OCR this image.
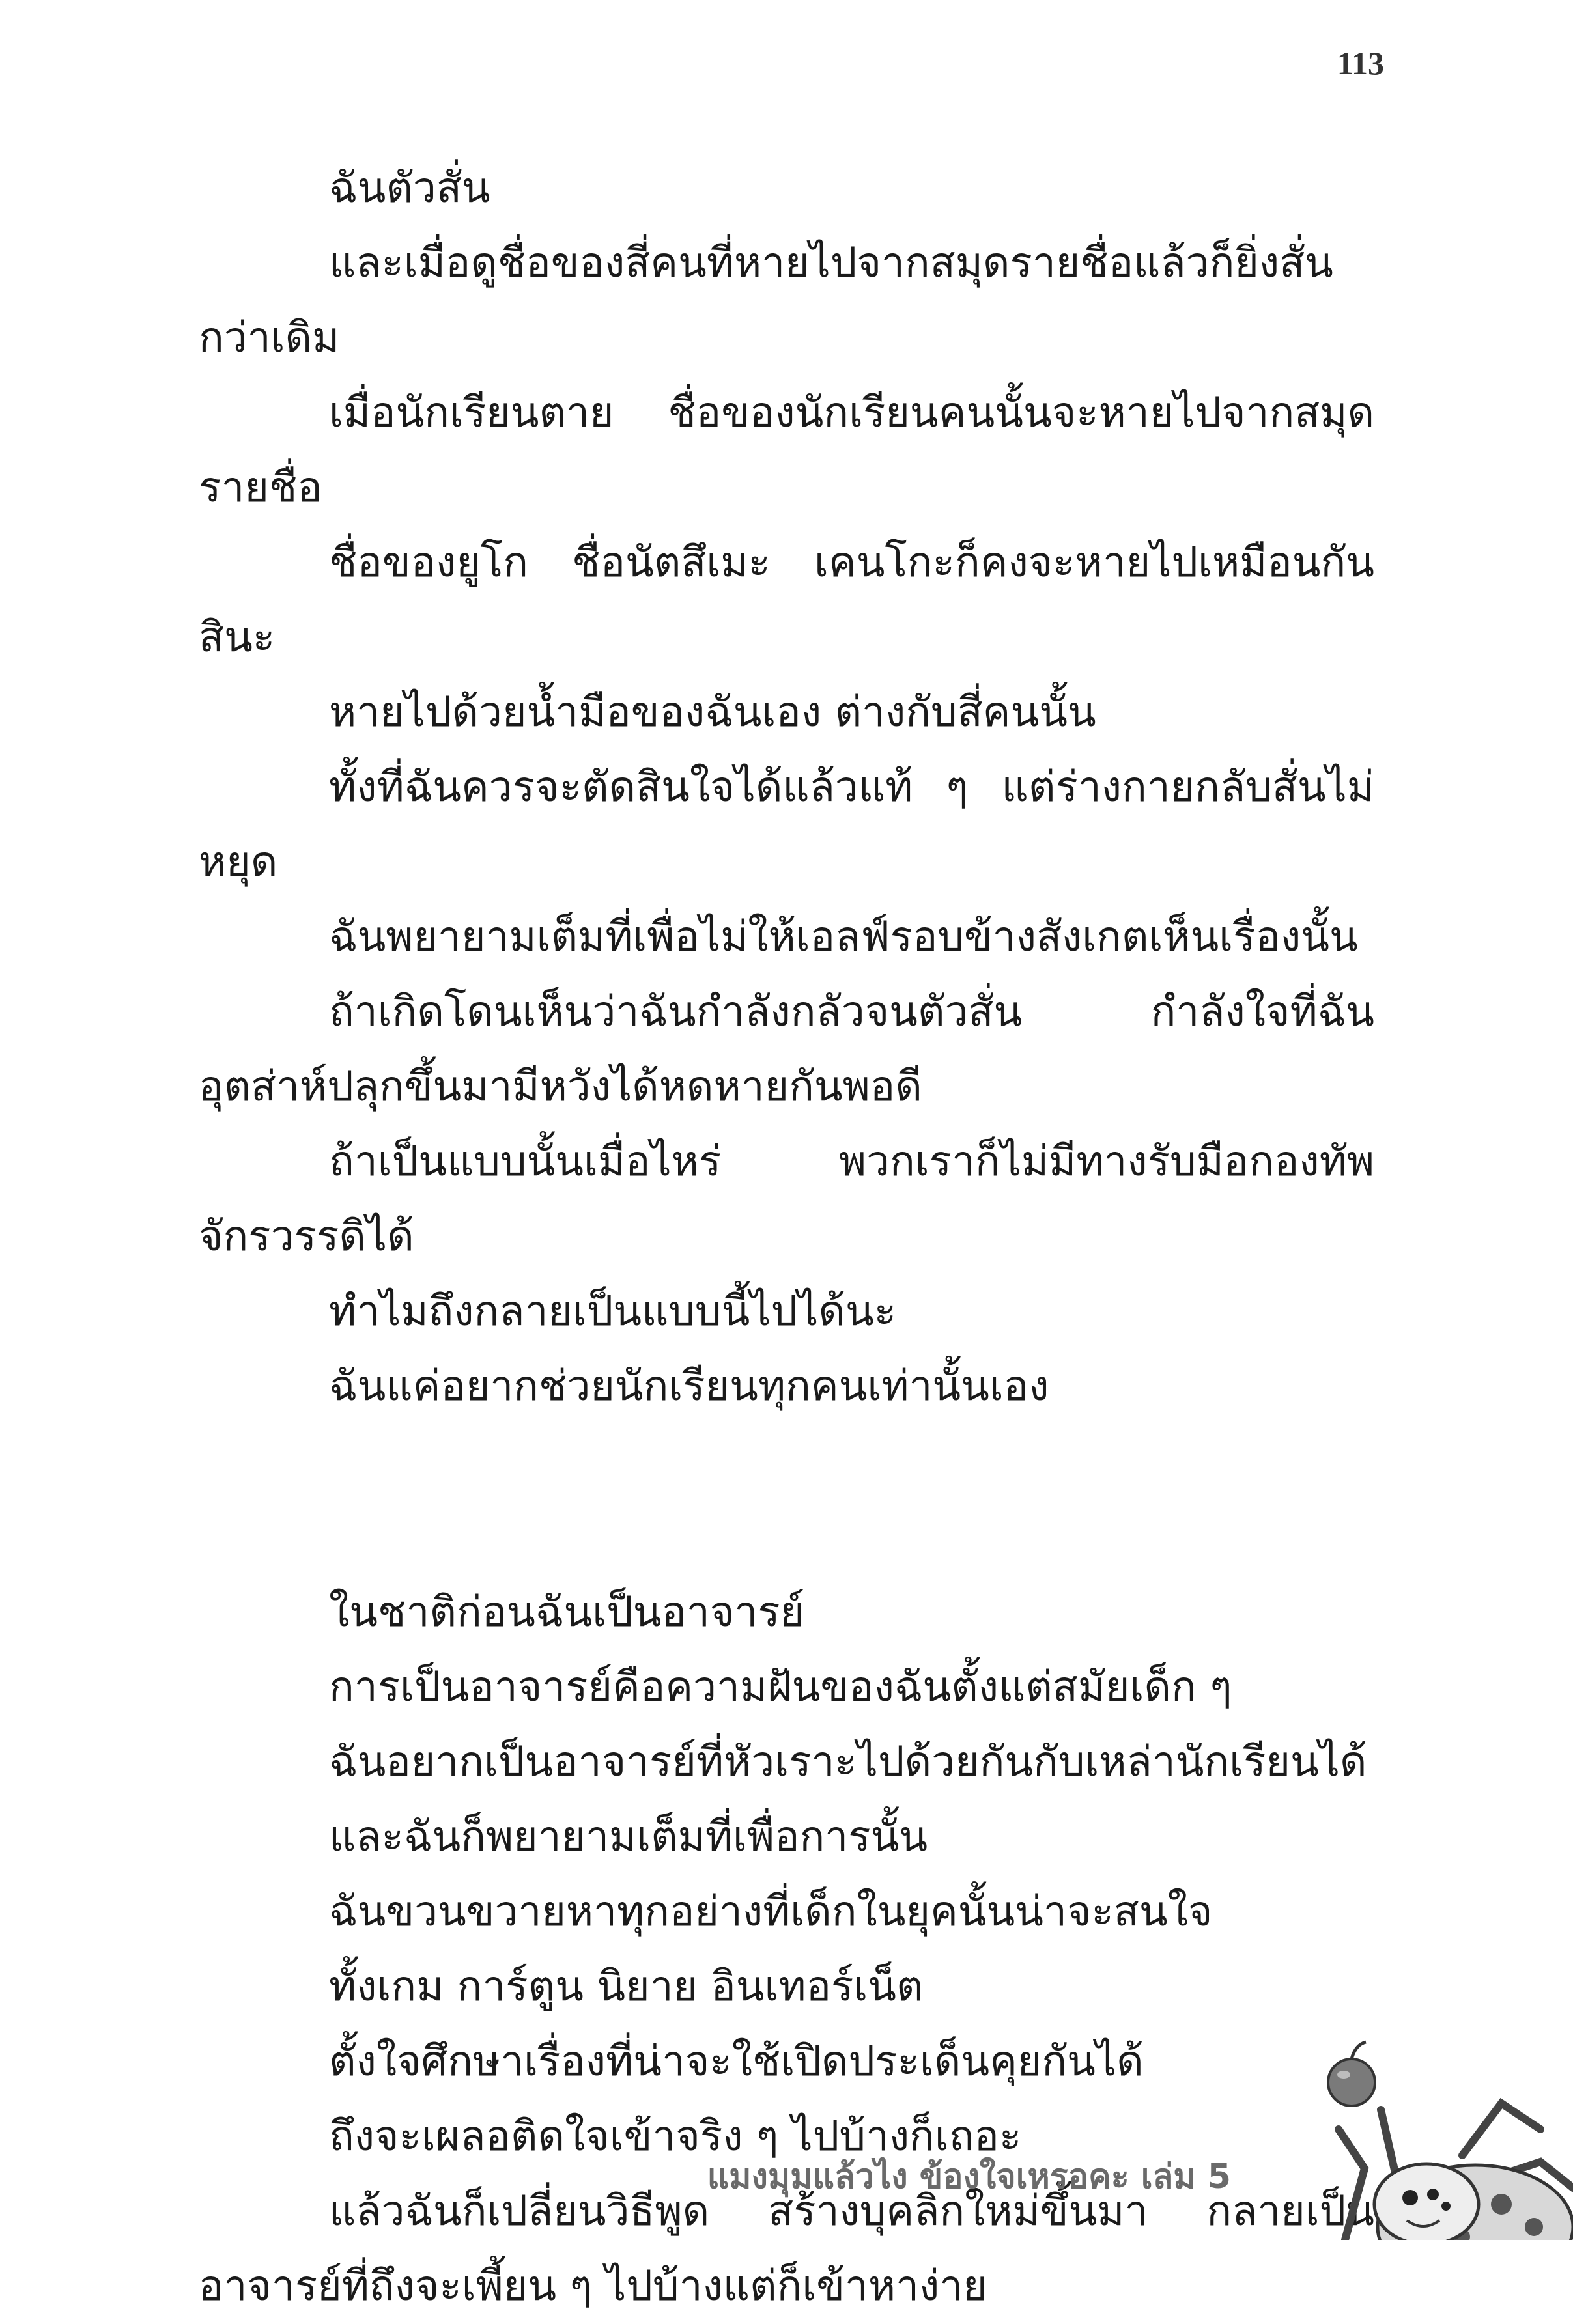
113

ฉันตัวสั่น

และเมื่อดูชื่อของสี่คนที่หายไปจากสมุดรายชื่อแล้วก็ยิ่งสั่นกว่าเดิม

เมื่อนักเรียนตาย ชื่อของนักเรียนคนนั้นจะหายไปจากสมุดรายชื่อ

ชื่อของยูโก ชื่อนัตสึเมะ เคนโกะก็คงจะหายไปเหมือนกันสินะ

หายไปด้วยน้ำมือของฉันเอง ต่างกับสี่คนนั้น

ทั้งที่ฉันควรจะตัดสินใจได้แล้วแท้ ๆ แต่ร่างกายกลับสั่นไม่หยุด

ฉันพยายามเต็มที่เพื่อไม่ให้เอลฟ์รอบข้างสังเกตเห็นเรื่องนั้น

ถ้าเกิดโดนเห็นว่าฉันกำลังกลัวจนตัวสั่น กำลังใจที่ฉันอุตส่าห์ปลุกขึ้นมามีหวังได้หดหายกันพอดี

ถ้าเป็นแบบนั้นเมื่อไหร่ พวกเราก็ไม่มีทางรับมือกองทัพจักรวรรดิได้

ทำไมถึงกลายเป็นแบบนี้ไปได้นะ

ฉันแค่อยากช่วยนักเรียนทุกคนเท่านั้นเอง

ในชาติก่อนฉันเป็นอาจารย์

การเป็นอาจารย์คือความฝันของฉันตั้งแต่สมัยเด็ก ๆ

ฉันอยากเป็นอาจารย์ที่หัวเราะไปด้วยกันกับเหล่านักเรียนได้

และฉันก็พยายามเต็มที่เพื่อการนั้น

ฉันขวนขวายหาทุกอย่างที่เด็กในยุคนั้นน่าจะสนใจ

ทั้งเกม การ์ตูน นิยาย อินเทอร์เน็ต

ตั้งใจศึกษาเรื่องที่น่าจะใช้เปิดประเด็นคุยกันได้

ถึงจะเผลอติดใจเข้าจริง ๆ ไปบ้างก็เถอะ

แล้วฉันก็เปลี่ยนวิธีพูด สร้างบุคลิกใหม่ขึ้นมา กลายเป็นอาจารย์ที่ถึงจะเพี้ยน ๆ ไปบ้างแต่ก็เข้าหาง่าย

แมงมุมแล้วไง ข้องใจเหรอคะ เล่ม 5
